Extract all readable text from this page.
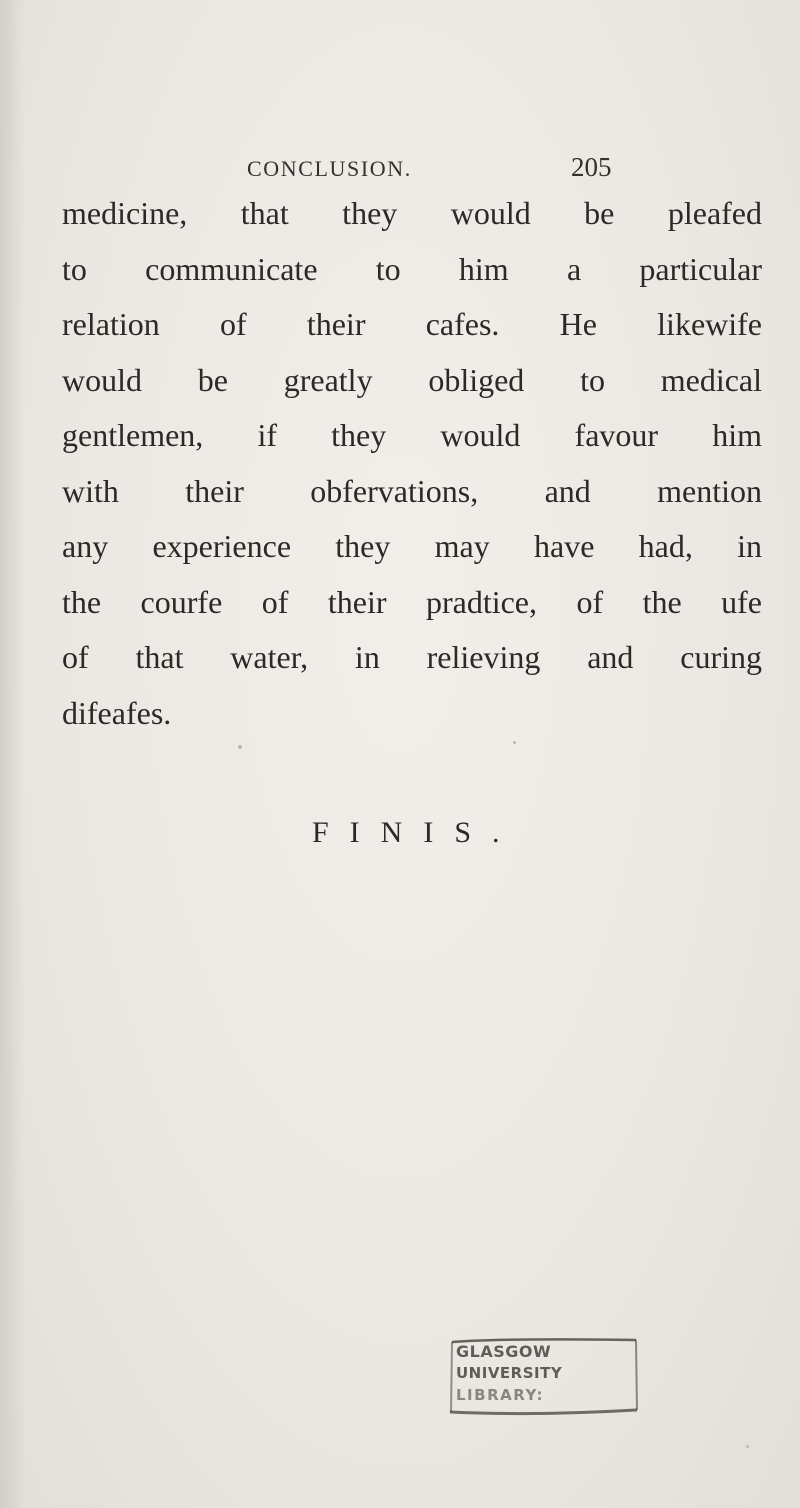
CONCLUSION.	205
medicine, that they would be pleafed
to communicate to him a particular
relation of their cafes. He likewife
would be greatly obliged to medical
gentlemen, if they would favour him
with their obfervations, and mention
any experience they may have had, in
the courfe of their pradtice, of the ufe
of that water, in relieving and curing
difeafes.
FINIS.
GLASGOW
UNIVERSITY
LIBRARY:
